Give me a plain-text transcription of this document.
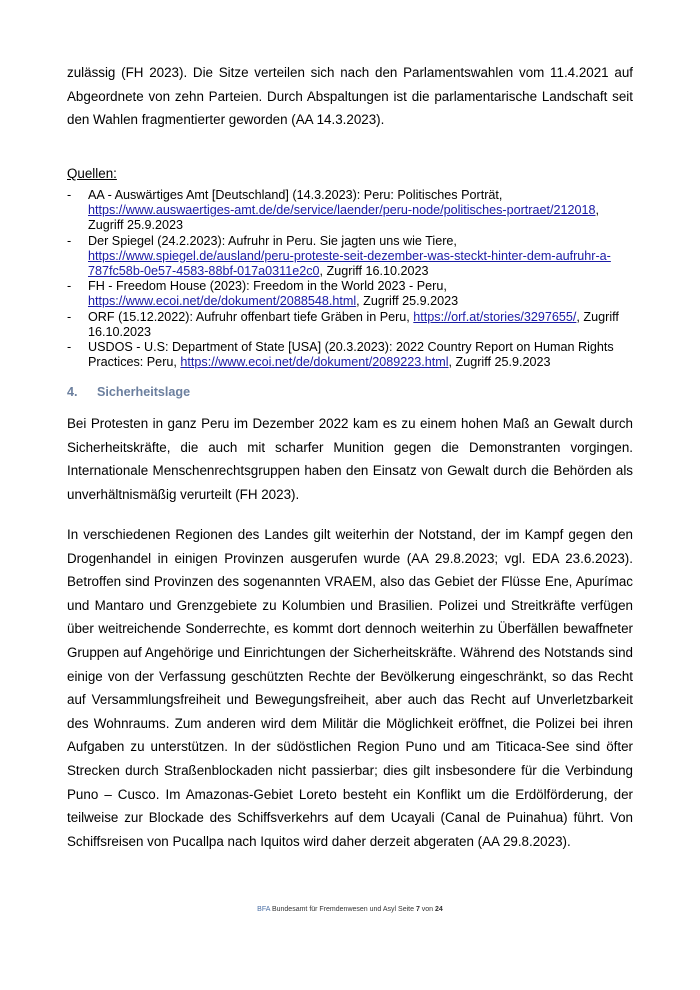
zulässig (FH 2023). Die Sitze verteilen sich nach den Parlamentswahlen vom 11.4.2021 auf Abgeordnete von zehn Parteien. Durch Abspaltungen ist die parlamentarische Landschaft seit den Wahlen fragmentierter geworden (AA 14.3.2023).

Quellen:
- AA - Auswärtiges Amt [Deutschland] (14.3.2023): Peru: Politisches Porträt, https://www.auswaertiges-amt.de/de/service/laender/peru-node/politisches-portraet/212018, Zugriff 25.9.2023
- Der Spiegel (24.2.2023): Aufruhr in Peru. Sie jagten uns wie Tiere, https://www.spiegel.de/ausland/peru-proteste-seit-dezember-was-steckt-hinter-dem-aufruhr-a-787fc58b-0e57-4583-88bf-017a0311e2c0, Zugriff 16.10.2023
- FH - Freedom House (2023): Freedom in the World 2023 - Peru, https://www.ecoi.net/de/dokument/2088548.html, Zugriff 25.9.2023
- ORF (15.12.2022): Aufruhr offenbart tiefe Gräben in Peru, https://orf.at/stories/3297655/, Zugriff 16.10.2023
- USDOS - U.S: Department of State [USA] (20.3.2023): 2022 Country Report on Human Rights Practices: Peru, https://www.ecoi.net/de/dokument/2089223.html, Zugriff 25.9.2023
4. Sicherheitslage

Bei Protesten in ganz Peru im Dezember 2022 kam es zu einem hohen Maß an Gewalt durch Sicherheitskräfte, die auch mit scharfer Munition gegen die Demonstranten vorgingen. Internationale Menschenrechtsgruppen haben den Einsatz von Gewalt durch die Behörden als unverhältnismäßig verurteilt (FH 2023).

In verschiedenen Regionen des Landes gilt weiterhin der Notstand, der im Kampf gegen den Drogenhandel in einigen Provinzen ausgerufen wurde (AA 29.8.2023; vgl. EDA 23.6.2023). Betroffen sind Provinzen des sogenannten VRAEM, also das Gebiet der Flüsse Ene, Apurímac und Mantaro und Grenzgebiete zu Kolumbien und Brasilien. Polizei und Streitkräfte verfügen über weitreichende Sonderrechte, es kommt dort dennoch weiterhin zu Überfällen bewaffneter Gruppen auf Angehörige und Einrichtungen der Sicherheitskräfte. Während des Notstands sind einige von der Verfassung geschützten Rechte der Bevölkerung eingeschränkt, so das Recht auf Versammlungsfreiheit und Bewegungsfreiheit, aber auch das Recht auf Unverletzbarkeit des Wohnraums. Zum anderen wird dem Militär die Möglichkeit eröffnet, die Polizei bei ihren Aufgaben zu unterstützen. In der südöstlichen Region Puno und am Titicaca-See sind öfter Strecken durch Straßenblockaden nicht passierbar; dies gilt insbesondere für die Verbindung Puno – Cusco. Im Amazonas-Gebiet Loreto besteht ein Konflikt um die Erdölförderung, der teilweise zur Blockade des Schiffsverkehrs auf dem Ucayali (Canal de Puinahua) führt. Von Schiffsreisen von Pucallpa nach Iquitos wird daher derzeit abgeraten (AA 29.8.2023).

BFA Bundesamt für Fremdenwesen und Asyl Seite 7 von 24
